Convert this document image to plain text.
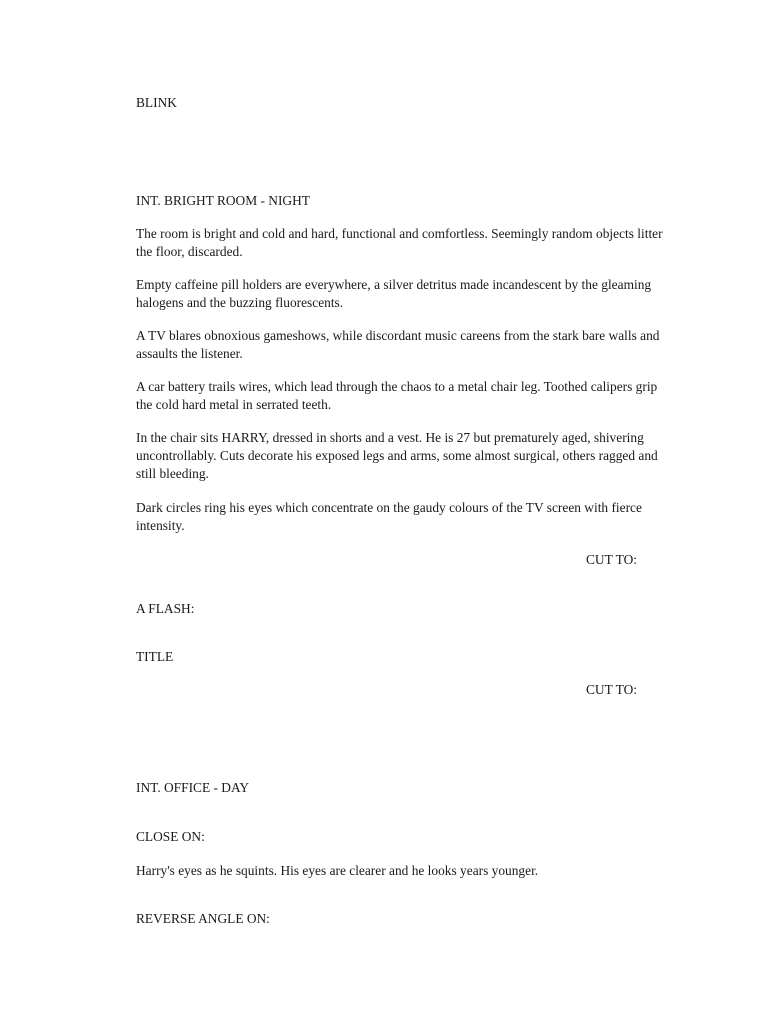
BLINK
INT. BRIGHT ROOM - NIGHT

The room is bright and cold and hard, functional and comfortless. Seemingly random objects litter the floor, discarded.

Empty caffeine pill holders are everywhere, a silver detritus made incandescent by the gleaming halogens and the buzzing fluorescents.

A TV blares obnoxious gameshows, while discordant music careens from the stark bare walls and assaults the listener.

A car battery trails wires, which lead through the chaos to a metal chair leg. Toothed calipers grip the cold hard metal in serrated teeth.

In the chair sits HARRY, dressed in shorts and a vest. He is 27 but prematurely aged, shivering uncontrollably. Cuts decorate his exposed legs and arms, some almost surgical, others ragged and still bleeding.

Dark circles ring his eyes which concentrate on the gaudy colours of the TV screen with fierce intensity.

CUT TO:
A FLASH:
TITLE
CUT TO:
INT. OFFICE - DAY
CLOSE ON:
Harry's eyes as he squints. His eyes are clearer and he looks years younger.
REVERSE ANGLE ON:
